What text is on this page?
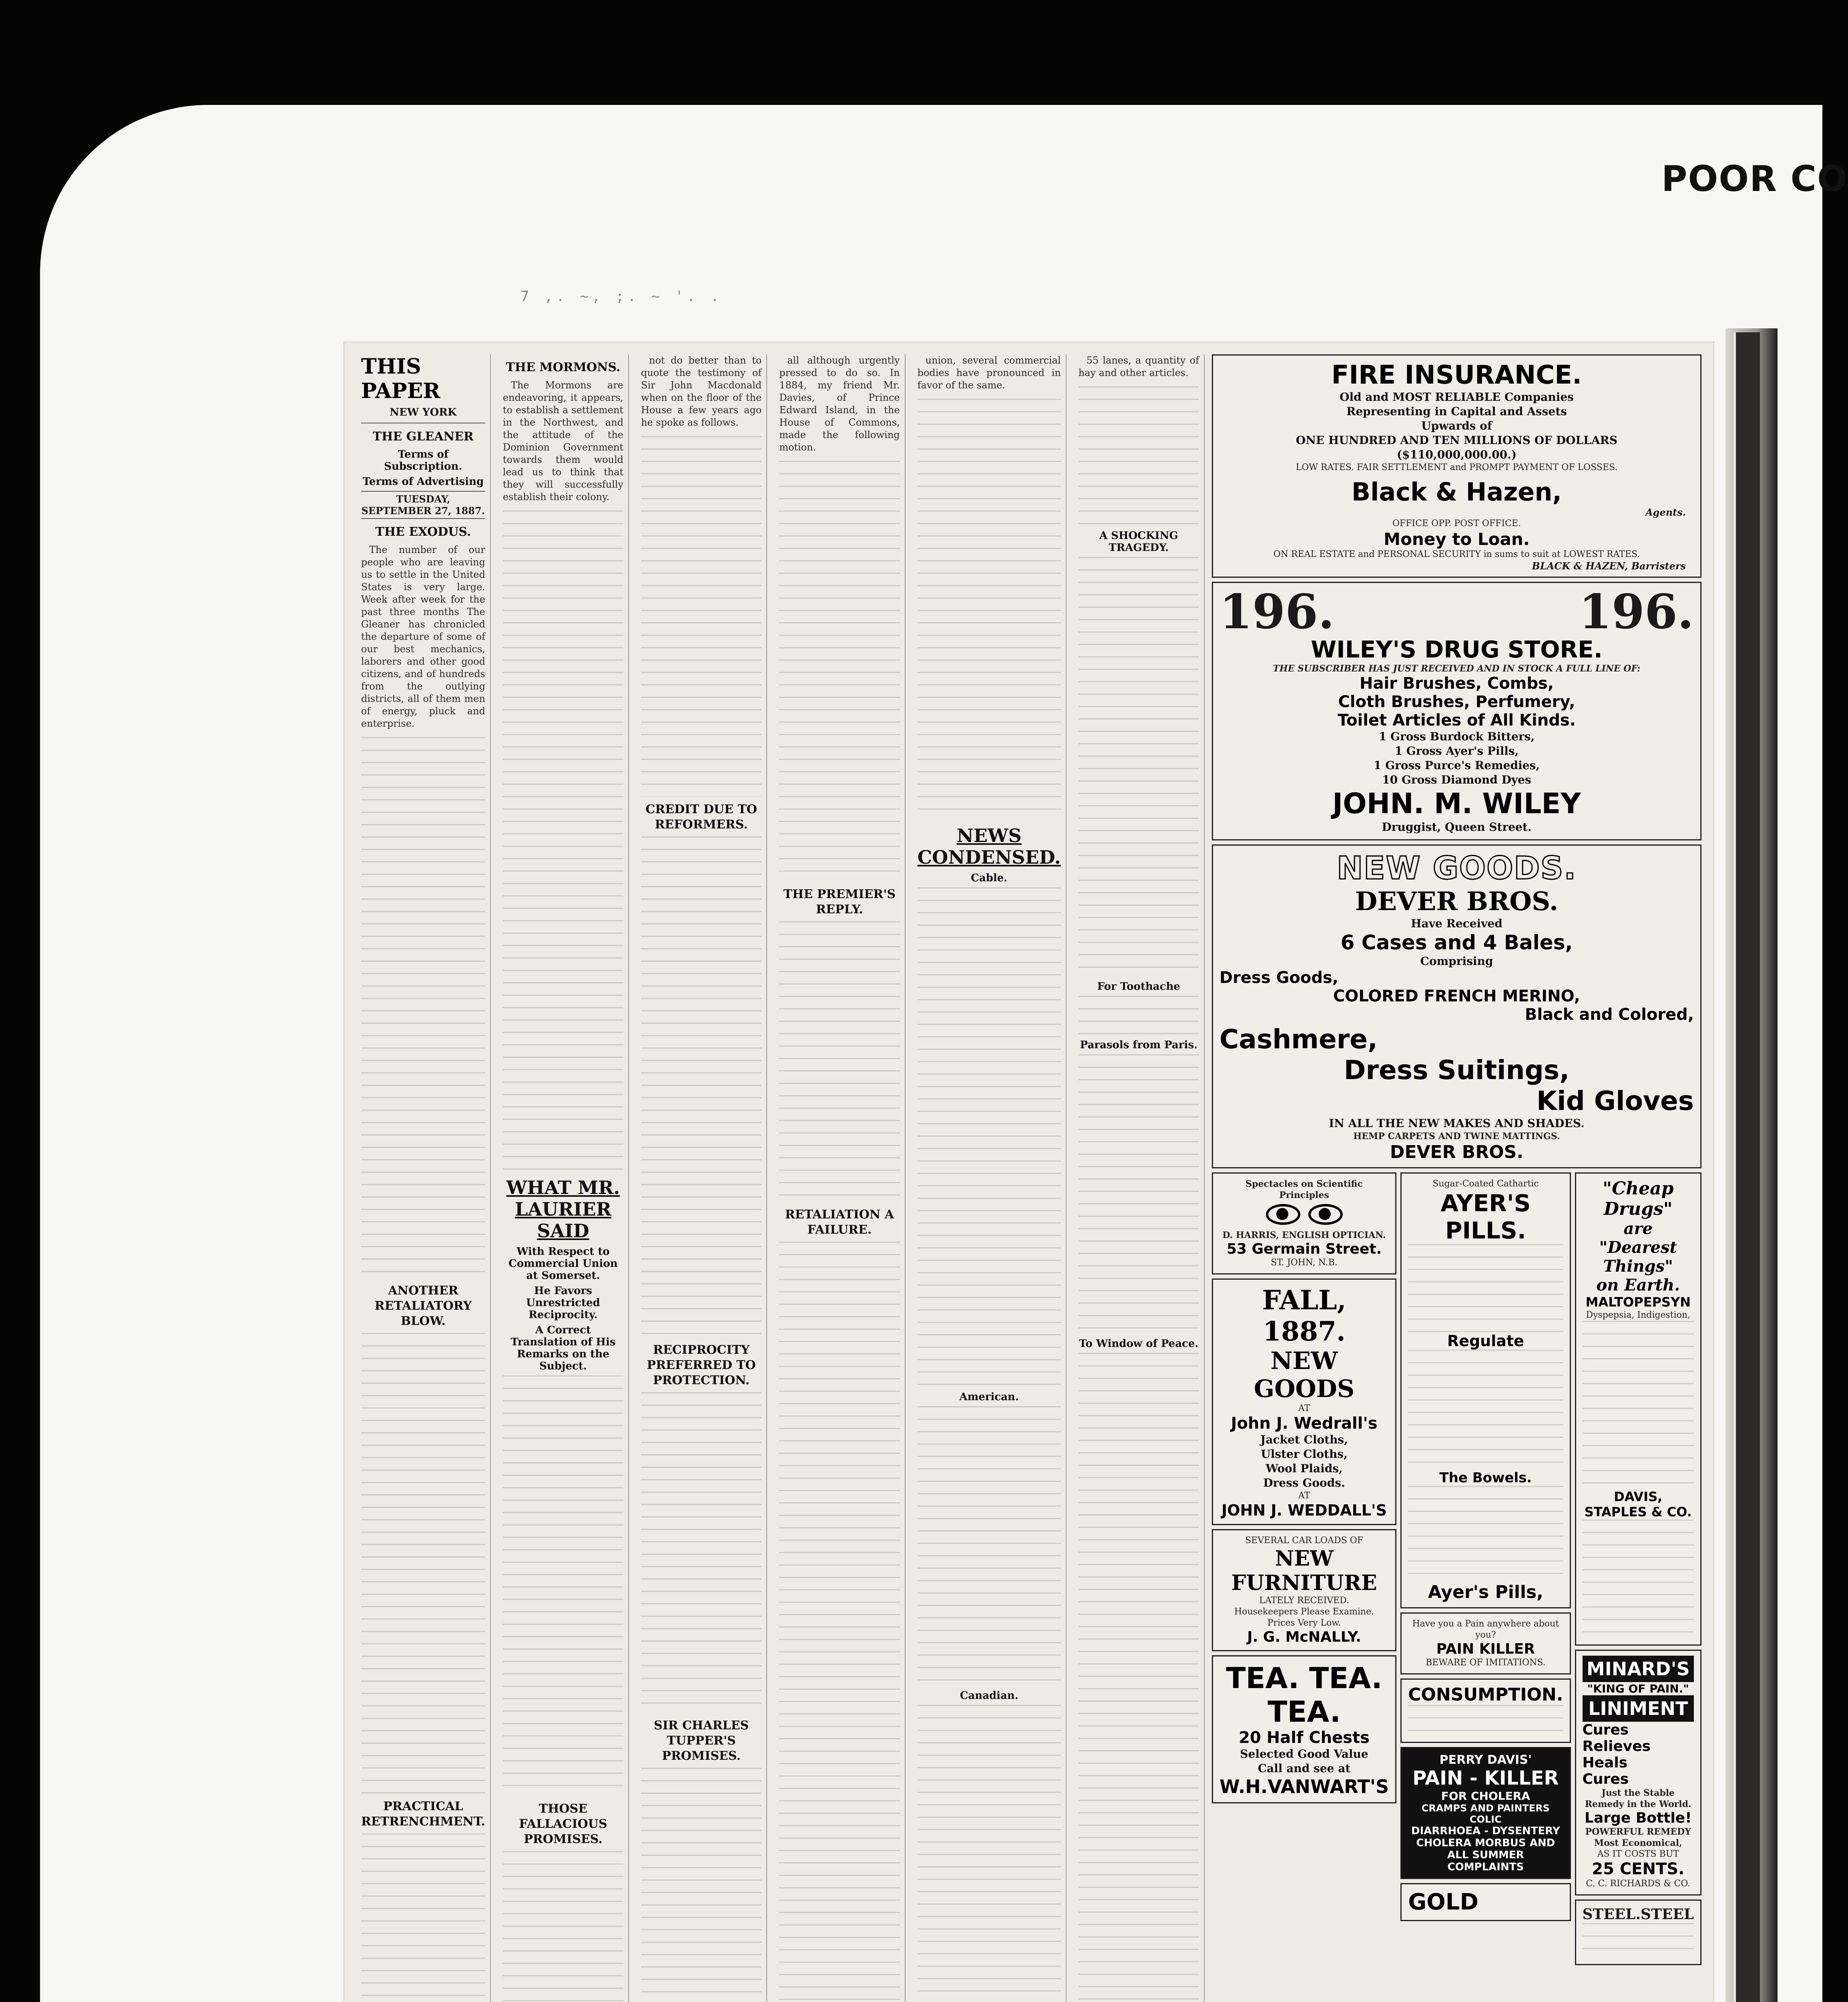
POOR CO
7 ,. ~, ;. ~ '. .
THIS PAPER
NEW YORK
THE GLEANER
Terms of Subscription.
Terms of Advertising
TUESDAY, SEPTEMBER 27, 1887.
THE EXODUS.

The number of our people who are leaving us to settle in the United States is very large. Week after week for the past three months The Gleaner has chronicled the departure of some of our best mechanics, laborers and other good citizens, and of hundreds from the outlying districts, all of them men of energy, pluck and enterprise.

ANOTHER RETALIATORY BLOW.
PRACTICAL RETRENCHMENT.
THE MORMONS.

The Mormons are endeavoring, it appears, to establish a settlement in the Northwest, and the attitude of the Dominion Government towards them would lead us to think that they will successfully establish their colony.

WHAT MR. LAURIER SAID
With Respect to Commercial Union at Somerset.
He Favors Unrestricted Reciprocity.
A Correct Translation of His Remarks on the Subject.
THOSE FALLACIOUS PROMISES.

not do better than to quote the testimony of Sir John Macdonald when on the floor of the House a few years ago he spoke as follows.

CREDIT DUE TO REFORMERS.
RECIPROCITY PREFERRED TO PROTECTION.
SIR CHARLES TUPPER'S PROMISES.

all although urgently pressed to do so. In 1884, my friend Mr. Davies, of Prince Edward Island, in the House of Commons, made the following motion.

THE PREMIER'S REPLY.
RETALIATION A FAILURE.

union, several commercial bodies have pronounced in favor of the same.

NEWS CONDENSED.
Cable.
American.
Canadian.

55 lanes, a quantity of hay and other articles.

A SHOCKING TRAGEDY.
For Toothache
Parasols from Paris.
To Window of Peace.
FIRE INSURANCE.
Old and MOST RELIABLE Companies
Representing in Capital and Assets
Upwards of
ONE HUNDRED AND TEN MILLIONS OF DOLLARS
($110,000,000.00.)
LOW RATES. FAIR SETTLEMENT and PROMPT PAYMENT OF LOSSES.
Black & Hazen,
Agents.
OFFICE OPP. POST OFFICE.
Money to Loan.
ON REAL ESTATE and PERSONAL SECURITY in sums to suit at LOWEST RATES.
BLACK & HAZEN, Barristers
196.	196.
WILEY'S DRUG STORE.
THE SUBSCRIBER HAS JUST RECEIVED AND IN STOCK A FULL LINE OF:
Hair Brushes, Combs,
Cloth Brushes, Perfumery,
Toilet Articles of All Kinds.
1 Gross Burdock Bitters,
1 Gross Ayer's Pills,
1 Gross Purce's Remedies,
10 Gross Diamond Dyes
JOHN. M. WILEY
Druggist, Queen Street.
NEW GOODS.
DEVER BROS.
Have Received
6 Cases and 4 Bales,
Comprising
Dress Goods,
COLORED FRENCH MERINO,
Black and Colored,
Cashmere,
Dress Suitings,
Kid Gloves
IN ALL THE NEW MAKES AND SHADES.
HEMP CARPETS AND TWINE MATTINGS.
DEVER BROS.
Spectacles on Scientific Principles
D. HARRIS, ENGLISH OPTICIAN.
53 Germain Street.
ST. JOHN, N.B.
FALL, 1887.
NEW GOODS
AT
John J. Wedrall's
Jacket Cloths,
Ulster Cloths,
Wool Plaids,
Dress Goods.
AT
JOHN J. WEDDALL'S
SEVERAL CAR LOADS OF
NEW FURNITURE
LATELY RECEIVED.
Housekeepers Please Examine. Prices Very Low.
J. G. McNALLY.
TEA. TEA. TEA.
20 Half Chests
Selected Good Value
Call and see at
W.H.VANWART'S
Sugar-Coated Cathartic
AYER'S PILLS.
Regulate
The Bowels.
Ayer's Pills,
Have you a Pain anywhere about you?
PAIN KILLER
BEWARE OF IMITATIONS.
CONSUMPTION.
PERRY DAVIS'
PAIN - KILLER
FOR CHOLERA
CRAMPS AND PAINTERS COLIC
DIARRHOEA - DYSENTERY
CHOLERA MORBUS AND
ALL SUMMER COMPLAINTS
GOLD
"Cheap Drugs"
are "Dearest Things"
on Earth.
MALTOPEPSYN
Dyspepsia, Indigestion,
DAVIS, STAPLES & CO.
MINARD'S
"KING OF PAIN."
LINIMENT
Cures
Relieves
Heals
Cures
Just the Stable Remedy in the World.
Large Bottle!
POWERFUL REMEDY
Most Economical,
AS IT COSTS BUT
25 CENTS.
C. C. RICHARDS & CO.
STEEL. STEEL
